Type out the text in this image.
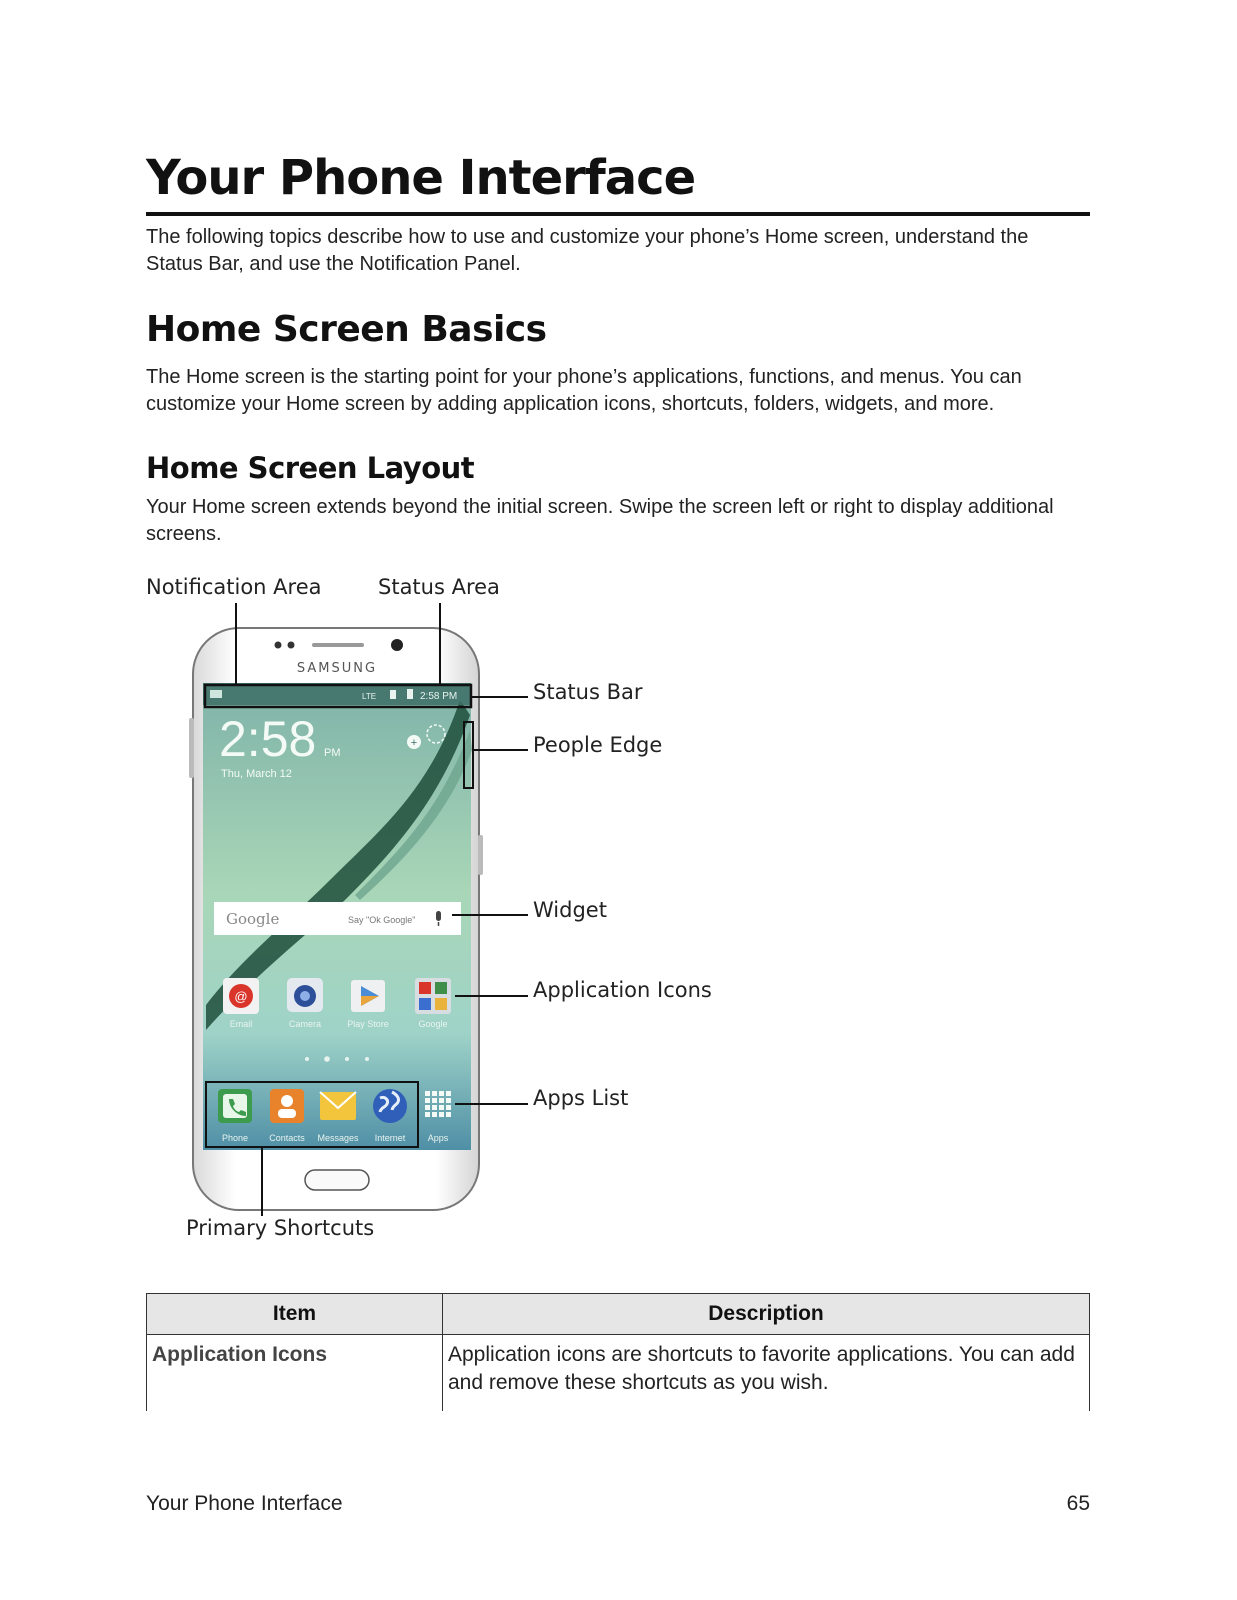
Your Phone Interface

The following topics describe how to use and customize your phone’s Home screen, understand the Status Bar, and use the Notification Panel.

Home Screen Basics

The Home screen is the starting point for your phone’s applications, functions, and menus. You can customize your Home screen by adding application icons, shortcuts, folders, widgets, and more.

Home Screen Layout

Your Home screen extends beyond the initial screen. Swipe the screen left or right to display additional screens.

Notification Area	Status Area
Status Bar
People Edge
Widget
Application Icons
Apps List
Primary Shortcuts
SAMSUNG
LTE	2:58 PM
2:58 PM
Thu, March 12
+
Google	Say "Ok Google"
@
Email	Camera	Play Store	Google
Phone Contacts Messages Internet Apps
Item	Description
Application Icons	Application icons are shortcuts to favorite applications. You can add and remove these shortcuts as you wish.
Your Phone Interface	65
